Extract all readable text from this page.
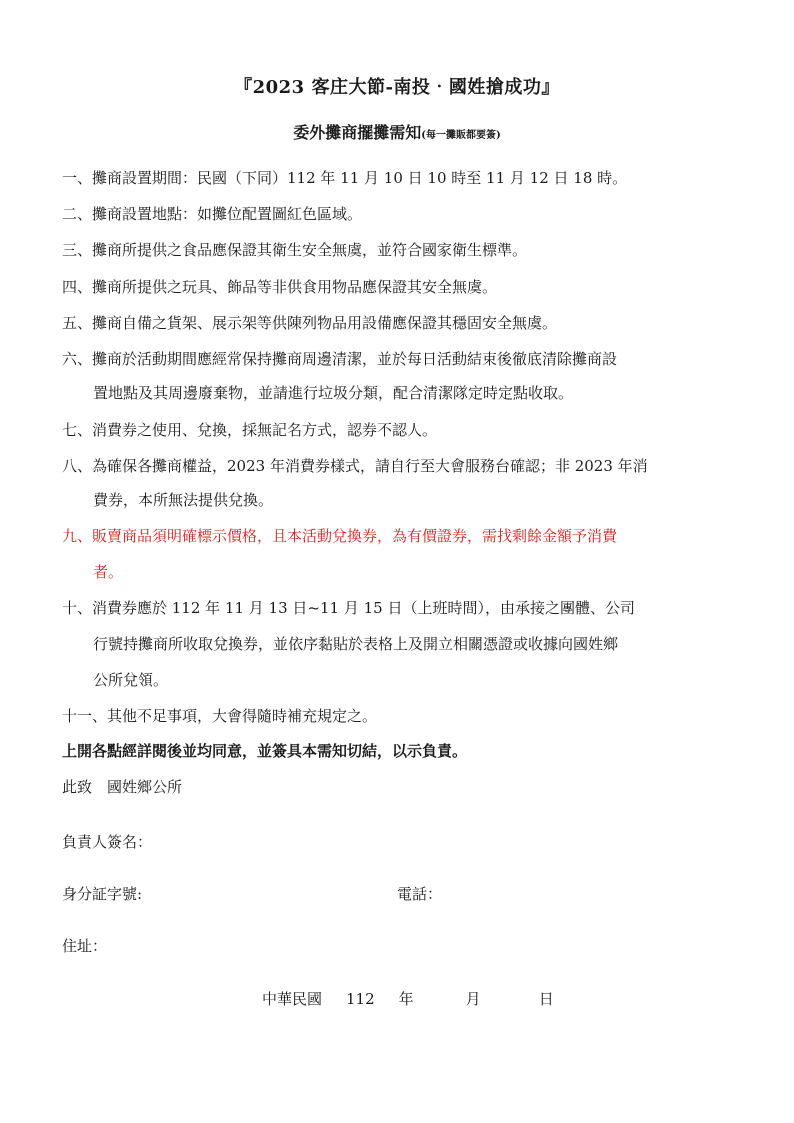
『2023 客庄大節-南投‧國姓搶成功』
委外攤商擺攤需知(每一攤販都要簽)
一、攤商設置期間：民國（下同）112 年 11 月 10 日 10 時至 11 月 12 日 18 時。
二、攤商設置地點：如攤位配置圖紅色區域。
三、攤商所提供之食品應保證其衛生安全無虞，並符合國家衛生標準。
四、攤商所提供之玩具、飾品等非供食用物品應保證其安全無虞。
五、攤商自備之貨架、展示架等供陳列物品用設備應保證其穩固安全無虞。
六、攤商於活動期間應經常保持攤商周邊清潔，並於每日活動結束後徹底清除攤商設
置地點及其周邊廢棄物，並請進行垃圾分類，配合清潔隊定時定點收取。
七、消費券之使用、兌換，採無記名方式，認券不認人。
八、為確保各攤商權益，2023 年消費券樣式，請自行至大會服務台確認；非 2023 年消
費券，本所無法提供兌換。
九、販賣商品須明確標示價格，且本活動兌換券，為有價證券，需找剩餘金額予消費
者。
十、消費券應於 112 年 11 月 13 日~11 月 15 日（上班時間），由承接之團體、公司
行號持攤商所收取兌換券，並依序黏貼於表格上及開立相關憑證或收據向國姓鄉
公所兌領。
十一、其他不足事項，大會得隨時補充規定之。
上開各點經詳閱後並均同意，並簽具本需知切結，以示負責。
此致　國姓鄉公所
負責人簽名：
身分証字號:	電話：
住址：
中華民國 112 年	月	日
